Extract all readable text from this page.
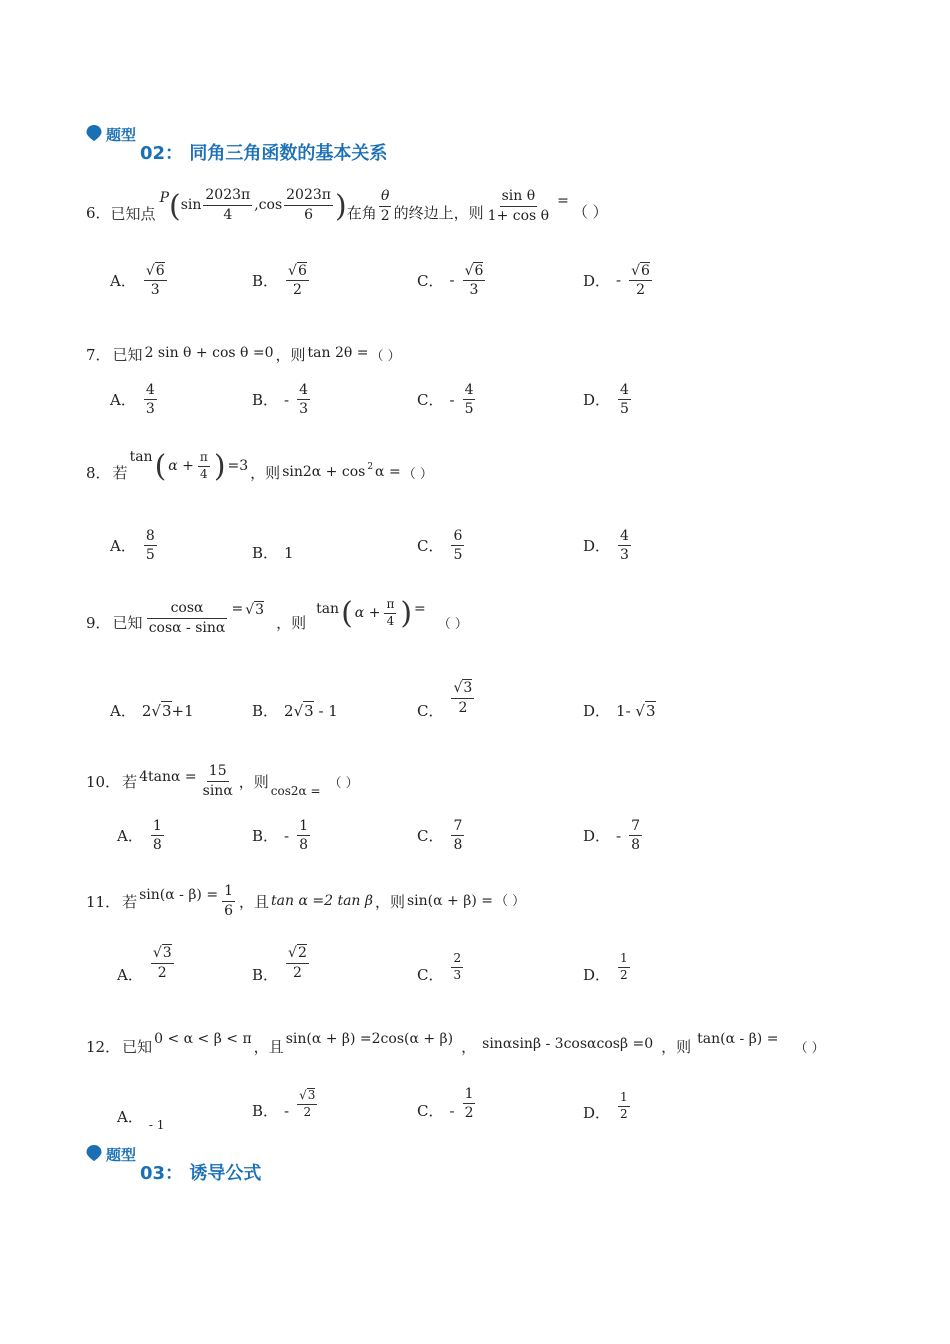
题型
02： 同角三角函数的基本关系
6． 已知点
P ( $\sin \frac{2023\pi}{4} ,\cos \frac{2023\pi}{6}$ ) 在角 $\frac{\theta}{2}$ 的终边上，则 $\frac{\text{sin θ}}{\text{1+ cos θ}}$ =
（ ）
A． $\frac{√6}{3}$	B． $\frac{√6}{2}$	C． - $\frac{√6}{3}$	D． - $\frac{√6}{2}$
7． 已知 2 sin θ + cos θ =0 ，则 tan 2θ = （ ）
A． $\frac{4}{3}$	B． - $\frac{4}{3}$	C． - $\frac{4}{5}$	D． $\frac{4}{5}$
8． 若
tan ( $\alpha + \frac{\pi}{4}$ ) =3 ，则 $\sin 2\alpha + \cos^2 \alpha$ = （ ）
A． $\frac{8}{5}$	B． 1	C． $\frac{6}{5}$	D． $\frac{4}{3}$
9． 已知 $\frac{\cos\alpha}{\cos\alpha - \sin\alpha} = √3$
，则
tan ( $\alpha + \frac{\pi}{4}$ ) =
（ ）
A． 2√3+1	B． 2√3 - 1	C． $\frac{√3}{2}$	D． 1- √3
10． 若 $4\tan\alpha = \frac{15}{\sin\alpha}$ ，则
cos2α =
（ ）
A． $\frac{1}{8}$	B． - $\frac{1}{8}$	C． $\frac{7}{8}$	D． - $\frac{7}{8}$
11． 若 $\sin(\alpha - \beta) = \frac{1}{6}$ ，且 tan α =2 tan β ，则 sin(α + β) = （ ）
A． $\frac{√3}{2}$	B． $\frac{√2}{2}$	C． $\frac{2}{3}$	D． $\frac{1}{2}$
12． 已知 0 < α < β < π ，且 sin(α + β) =2cos(α + β) ， sinαsinβ - 3cosαcosβ =0 ，则 tan(α - β) =
（ ）
A． - 1
B． - $\frac{√3}{2}$	C． - $\frac{1}{2}$	D． $\frac{1}{2}$
题型
03： 诱导公式
